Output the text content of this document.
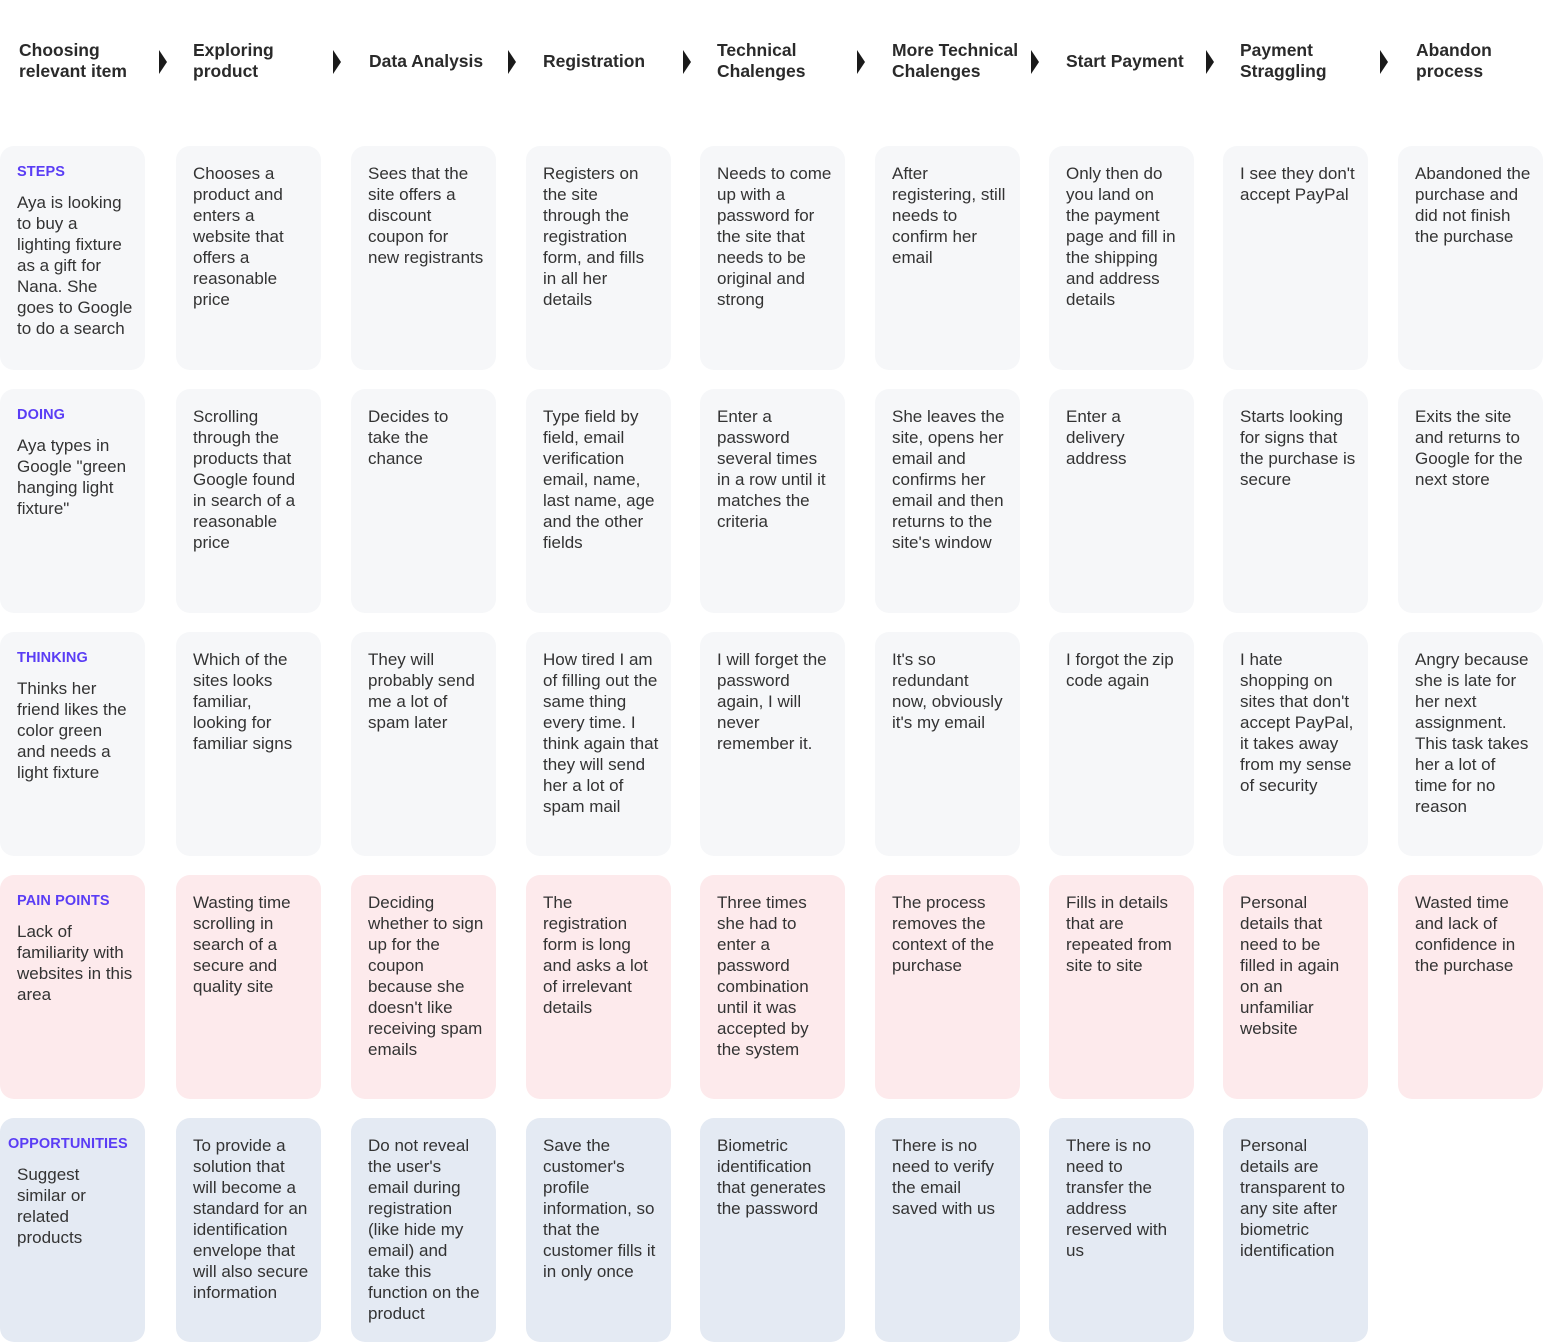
Choosing relevant item
Exploring product
Data Analysis	Registration
Technical Chalenges
More Technical Chalenges
Start Payment
Payment Straggling
Abandon process
STEPS
Aya is looking to buy a lighting fixture as a gift for Nana. She goes to Google to do a search
Chooses a product and enters a website that offers a reasonable price
Sees that the site offers a discount coupon for new registrants
Registers on the site through the registration form, and fills in all her details
Needs to come up with a password for the site that needs to be original and strong
After registering, still needs to confirm her email
Only then do you land on the payment page and fill in the shipping and address details
I see they don't accept PayPal
Abandoned the purchase and did not finish the purchase
DOING
Aya types in Google "green hanging light fixture"
Scrolling through the products that Google found in search of a reasonable price
Decides to take the chance
Type field by field, email verification email, name, last name, age and the other fields
Enter a password several times in a row until it matches the criteria
She leaves the site, opens her email and confirms her email and then returns to the site's window
Enter a delivery address
Starts looking for signs that the purchase is secure
Exits the site and returns to Google for the next store
THINKING
Thinks her friend likes the color green and needs a light fixture
Which of the sites looks familiar, looking for familiar signs
They will probably send me a lot of spam later
How tired I am of filling out the same thing every time. I think again that they will send her a lot of spam mail
I will forget the password again, I will never remember it.
It's so redundant now, obviously it's my email
I forgot the zip code again
I hate shopping on sites that don't accept PayPal, it takes away from my sense of security
Angry because she is late for her next assignment. This task takes her a lot of time for no reason
PAIN POINTS
Lack of familiarity with websites in this area
Wasting time scrolling in search of a secure and quality site
Deciding whether to sign up for the coupon because she doesn't like receiving spam emails
The registration form is long and asks a lot of irrelevant details
Three times she had to enter a password combination until it was accepted by the system
The process removes the context of the purchase
Fills in details that are repeated from site to site
Personal details that need to be filled in again on an unfamiliar website
Wasted time and lack of confidence in the purchase
OPPORTUNITIES
Suggest similar or related products
To provide a solution that will become a standard for an identification envelope that will also secure information
Do not reveal the user's email during registration (like hide my email) and take this function on the product
Save the customer's profile information, so that the customer fills it in only once
Biometric identification that generates the password
There is no need to verify the email saved with us
There is no need to transfer the address reserved with us
Personal details are transparent to any site after biometric identification
